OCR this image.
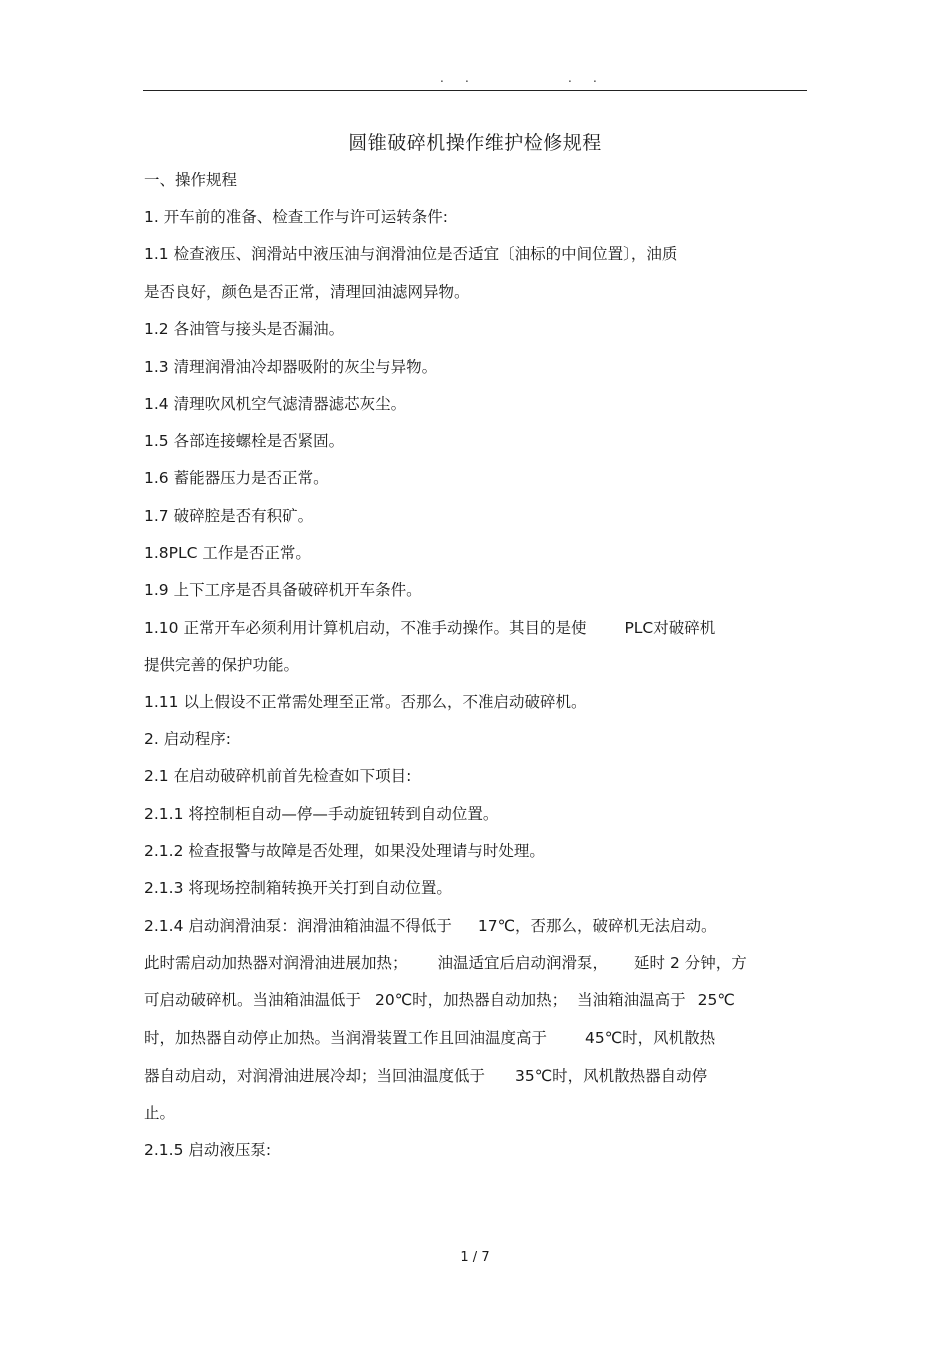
. .	. .
圆锥破碎机操作维护检修规程
一、操作规程
1. 开车前的准备、检查工作与许可运转条件:
1.1 检查液压、润滑站中液压油与润滑油位是否适宜〔油标的中间位置〕，油质
是否良好，颜色是否正常，清理回油滤网异物。
1.2 各油管与接头是否漏油。
1.3 清理润滑油冷却器吸附的灰尘与异物。
1.4 清理吹风机空气滤清器滤芯灰尘。
1.5 各部连接螺栓是否紧固。
1.6 蓄能器压力是否正常。
1.7 破碎腔是否有积矿。
1.8PLC 工作是否正常。
1.9 上下工序是否具备破碎机开车条件。
1.10 正常开车必须利用计算机启动，不准手动操作。其目的是使 PLC对破碎机
提供完善的保护功能。
1.11 以上假设不正常需处理至正常。否那么，不准启动破碎机。
2. 启动程序:
2.1 在启动破碎机前首先检查如下项目:
2.1.1 将控制柜自动—停—手动旋钮转到自动位置。
2.1.2 检查报警与故障是否处理，如果没处理请与时处理。
2.1.3 将现场控制箱转换开关打到自动位置。
2.1.4 启动润滑油泵：润滑油箱油温不得低于 17℃，否那么，破碎机无法启动。
此时需启动加热器对润滑油进展加热； 油温适宜后启动润滑泵， 延时 2 分钟，方
可启动破碎机。当油箱油温低于 20℃时，加热器自动加热； 当油箱油温高于 25℃
时，加热器自动停止加热。当润滑装置工作且回油温度高于 45℃时，风机散热
器自动启动，对润滑油进展冷却；当回油温度低于 35℃时，风机散热器自动停
止。
2.1.5 启动液压泵:
1 / 7
